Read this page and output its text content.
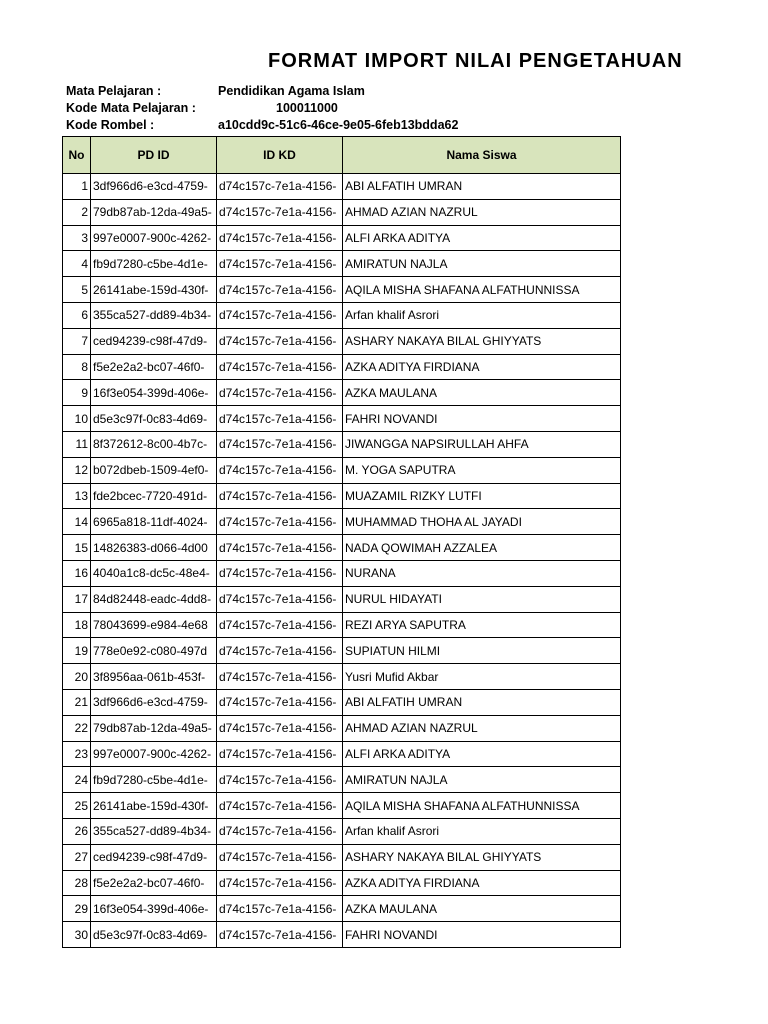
FORMAT IMPORT NILAI PENGETAHUAN
Mata Pelajaran :	Pendidikan Agama Islam
Kode Mata Pelajaran :	100011000
Kode Rombel :	a10cdd9c-51c6-46ce-9e05-6feb13bdda62
No	PD ID	ID KD	Nama Siswa
1	3df966d6-e3cd-4759-	d74c157c-7e1a-4156-	ABI ALFATIH UMRAN
2	79db87ab-12da-49a5-	d74c157c-7e1a-4156-	AHMAD AZIAN NAZRUL
3	997e0007-900c-4262-	d74c157c-7e1a-4156-	ALFI ARKA ADITYA
4	fb9d7280-c5be-4d1e-	d74c157c-7e1a-4156-	AMIRATUN NAJLA
5	26141abe-159d-430f-	d74c157c-7e1a-4156-	AQILA MISHA SHAFANA ALFATHUNNISSA
6	355ca527-dd89-4b34-	d74c157c-7e1a-4156-	Arfan khalif Asrori
7	ced94239-c98f-47d9-	d74c157c-7e1a-4156-	ASHARY NAKAYA BILAL GHIYYATS
8	f5e2e2a2-bc07-46f0-	d74c157c-7e1a-4156-	AZKA ADITYA FIRDIANA
9	16f3e054-399d-406e-	d74c157c-7e1a-4156-	AZKA MAULANA
10	d5e3c97f-0c83-4d69-	d74c157c-7e1a-4156-	FAHRI NOVANDI
11	8f372612-8c00-4b7c-	d74c157c-7e1a-4156-	JIWANGGA NAPSIRULLAH AHFA
12	b072dbeb-1509-4ef0-	d74c157c-7e1a-4156-	M. YOGA SAPUTRA
13	fde2bcec-7720-491d-	d74c157c-7e1a-4156-	MUAZAMIL RIZKY LUTFI
14	6965a818-11df-4024-	d74c157c-7e1a-4156-	MUHAMMAD THOHA AL JAYADI
15	14826383-d066-4d00	d74c157c-7e1a-4156-	NADA QOWIMAH AZZALEA
16	4040a1c8-dc5c-48e4-	d74c157c-7e1a-4156-	NURANA
17	84d82448-eadc-4dd8-	d74c157c-7e1a-4156-	NURUL HIDAYATI
18	78043699-e984-4e68	d74c157c-7e1a-4156-	REZI ARYA SAPUTRA
19	778e0e92-c080-497d	d74c157c-7e1a-4156-	SUPIATUN HILMI
20	3f8956aa-061b-453f-	d74c157c-7e1a-4156-	Yusri Mufid Akbar
21	3df966d6-e3cd-4759-	d74c157c-7e1a-4156-	ABI ALFATIH UMRAN
22	79db87ab-12da-49a5-	d74c157c-7e1a-4156-	AHMAD AZIAN NAZRUL
23	997e0007-900c-4262-	d74c157c-7e1a-4156-	ALFI ARKA ADITYA
24	fb9d7280-c5be-4d1e-	d74c157c-7e1a-4156-	AMIRATUN NAJLA
25	26141abe-159d-430f-	d74c157c-7e1a-4156-	AQILA MISHA SHAFANA ALFATHUNNISSA
26	355ca527-dd89-4b34-	d74c157c-7e1a-4156-	Arfan khalif Asrori
27	ced94239-c98f-47d9-	d74c157c-7e1a-4156-	ASHARY NAKAYA BILAL GHIYYATS
28	f5e2e2a2-bc07-46f0-	d74c157c-7e1a-4156-	AZKA ADITYA FIRDIANA
29	16f3e054-399d-406e-	d74c157c-7e1a-4156-	AZKA MAULANA
30	d5e3c97f-0c83-4d69-	d74c157c-7e1a-4156-	FAHRI NOVANDI
